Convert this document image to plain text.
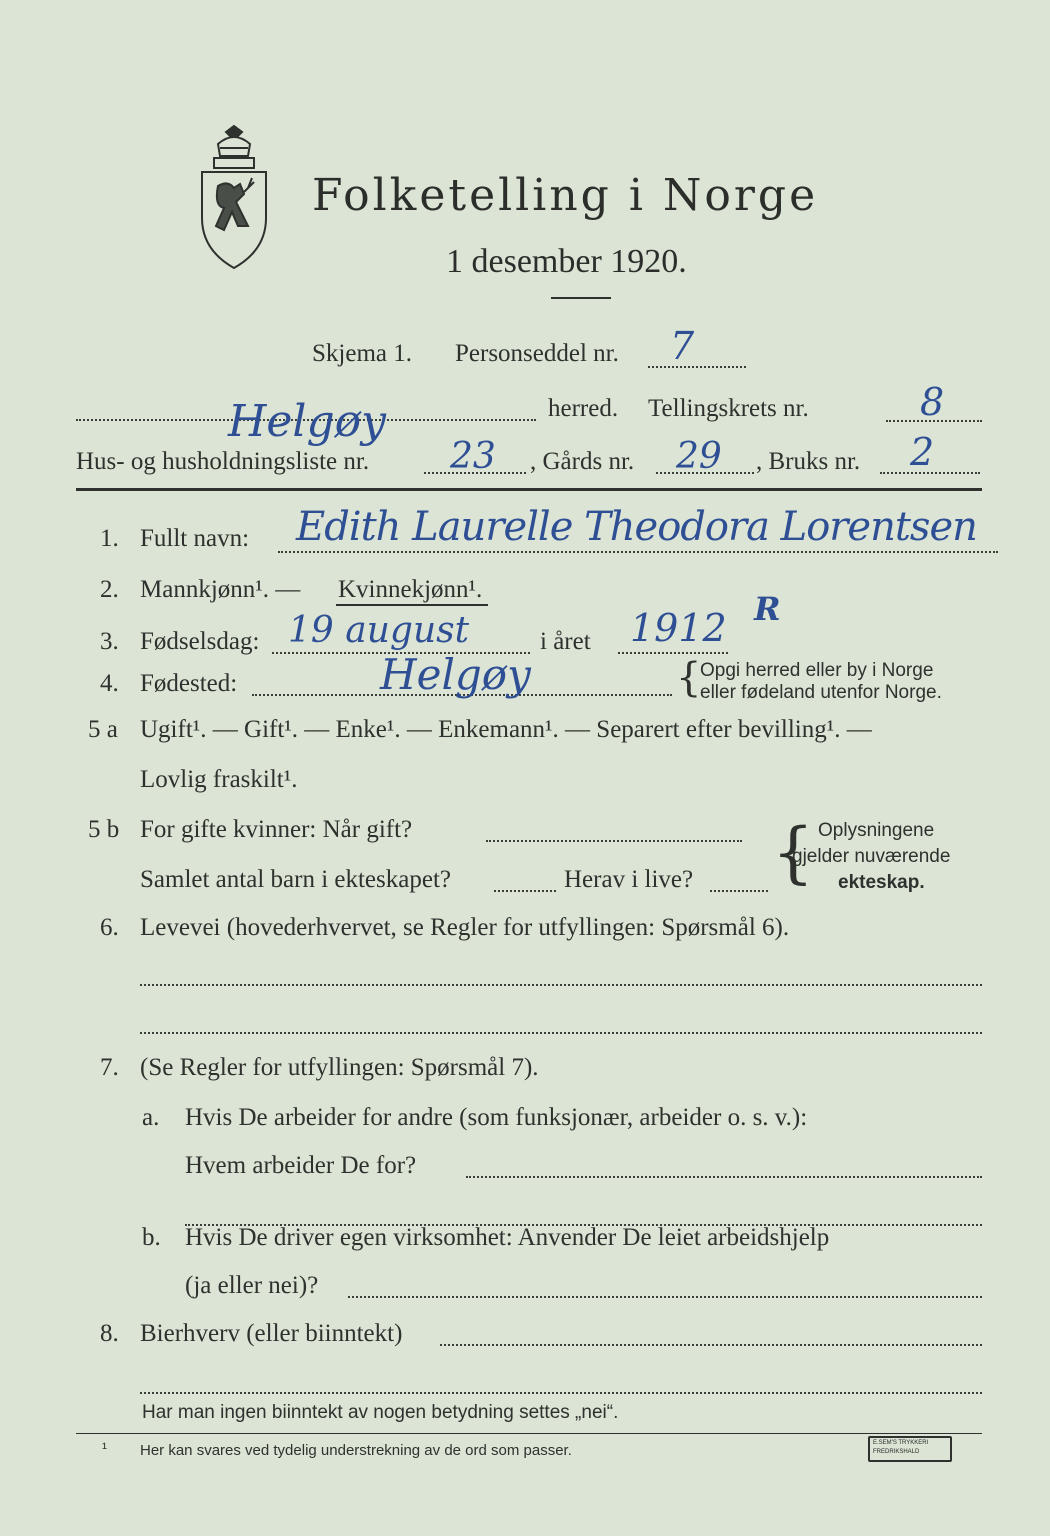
Folketelling i Norge
1 desember 1920.
Skjema 1. Personseddel nr. 7
Helgøy	herred. Tellingskrets nr.	8
Hus- og husholdningsliste nr. 23 , Gårds nr. 29 , Bruks nr. 2
1. Fullt navn: Edith Laurelle Theodora Lorentsen
2. Mannkjønn¹. — Kvinnekjønn¹.
3. Fødselsdag: 19 august	i året 1912 R
4. Fødested:	Helgøy	{
Opgi herred eller by i Norge
eller fødeland utenfor Norge.
5 a Ugift¹. — Gift¹. — Enke¹. — Enkemann¹. — Separert efter bevilling¹. —
Lovlig fraskilt¹.
5 b For gifte kvinner: Når gift?
Samlet antal barn i ekteskapet?	Herav i live? { Oplysningene
gjelder nuværende
ekteskap.
6. Levevei (hovederhvervet, se Regler for utfyllingen: Spørsmål 6).
7. (Se Regler for utfyllingen: Spørsmål 7).
a. Hvis De arbeider for andre (som funksjonær, arbeider o. s. v.):
Hvem arbeider De for?
b. Hvis De driver egen virksomhet: Anvender De leiet arbeidshjelp
(ja eller nei)?
8. Bierhverv (eller biinntekt)
Har man ingen biinntekt av nogen betydning settes „nei“.
¹ Her kan svares ved tydelig understrekning av de ord som passer.	E.SEM'S TRYKKERI
FREDRIKSHALD
